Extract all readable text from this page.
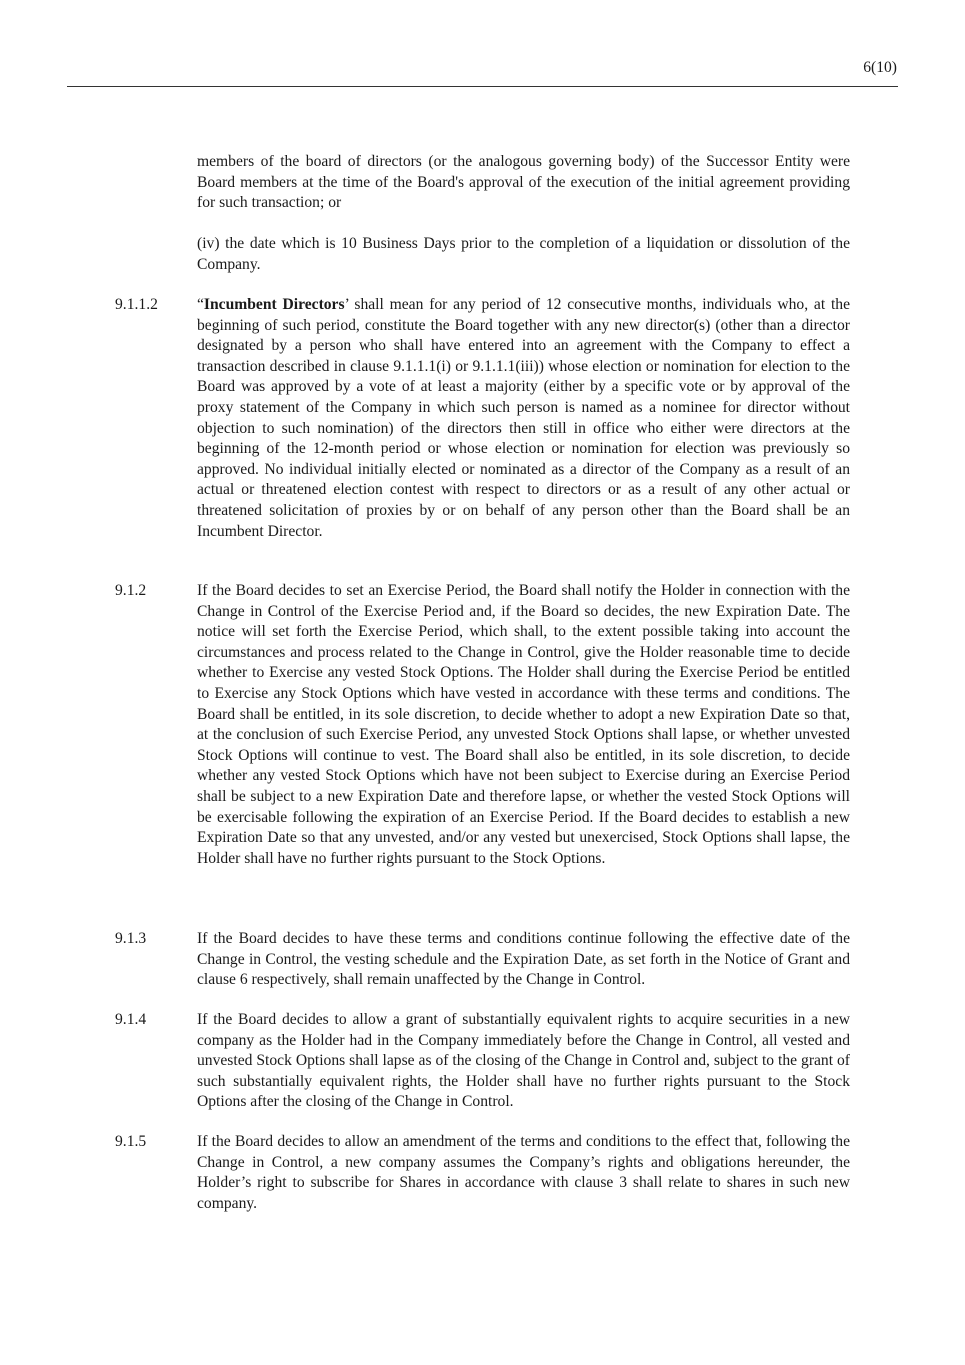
6(10)

members of the board of directors (or the analogous governing body) of the Successor Entity were Board members at the time of the Board's approval of the execution of the initial agreement providing for such transaction; or

(iv) the date which is 10 Business Days prior to the completion of a liquidation or dissolution of the Company.

9.1.1.2	“Incumbent Directors’ shall mean for any period of 12 consecutive months, individuals who, at the beginning of such period, constitute the Board together with any new director(s) (other than a director designated by a person who shall have entered into an agreement with the Company to effect a transaction described in clause 9.1.1.1(i) or 9.1.1.1(iii)) whose election or nomination for election to the Board was approved by a vote of at least a majority (either by a specific vote or by approval of the proxy statement of the Company in which such person is named as a nominee for director without objection to such nomination) of the directors then still in office who either were directors at the beginning of the 12-month period or whose election or nomination for election was previously so approved. No individual initially elected or nominated as a director of the Company as a result of an actual or threatened election contest with respect to directors or as a result of any other actual or threatened solicitation of proxies by or on behalf of any person other than the Board shall be an Incumbent Director.

9.1.2	If the Board decides to set an Exercise Period, the Board shall notify the Holder in connection with the Change in Control of the Exercise Period and, if the Board so decides, the new Expiration Date. The notice will set forth the Exercise Period, which shall, to the extent possible taking into account the circumstances and process related to the Change in Control, give the Holder reasonable time to decide whether to Exercise any vested Stock Options. The Holder shall during the Exercise Period be entitled to Exercise any Stock Options which have vested in accordance with these terms and conditions. The Board shall be entitled, in its sole discretion, to decide whether to adopt a new Expiration Date so that, at the conclusion of such Exercise Period, any unvested Stock Options shall lapse, or whether unvested Stock Options will continue to vest. The Board shall also be entitled, in its sole discretion, to decide whether any vested Stock Options which have not been subject to Exercise during an Exercise Period shall be subject to a new Expiration Date and therefore lapse, or whether the vested Stock Options will be exercisable following the expiration of an Exercise Period. If the Board decides to establish a new Expiration Date so that any unvested, and/or any vested but unexercised, Stock Options shall lapse, the Holder shall have no further rights pursuant to the Stock Options.

9.1.3	If the Board decides to have these terms and conditions continue following the effective date of the Change in Control, the vesting schedule and the Expiration Date, as set forth in the Notice of Grant and clause 6 respectively, shall remain unaffected by the Change in Control.

9.1.4	If the Board decides to allow a grant of substantially equivalent rights to acquire securities in a new company as the Holder had in the Company immediately before the Change in Control, all vested and unvested Stock Options shall lapse as of the closing of the Change in Control and, subject to the grant of such substantially equivalent rights, the Holder shall have no further rights pursuant to the Stock Options after the closing of the Change in Control.

9.1.5	If the Board decides to allow an amendment of the terms and conditions to the effect that, following the Change in Control, a new company assumes the Company’s rights and obligations hereunder, the Holder’s right to subscribe for Shares in accordance with clause 3 shall relate to shares in such new company.
